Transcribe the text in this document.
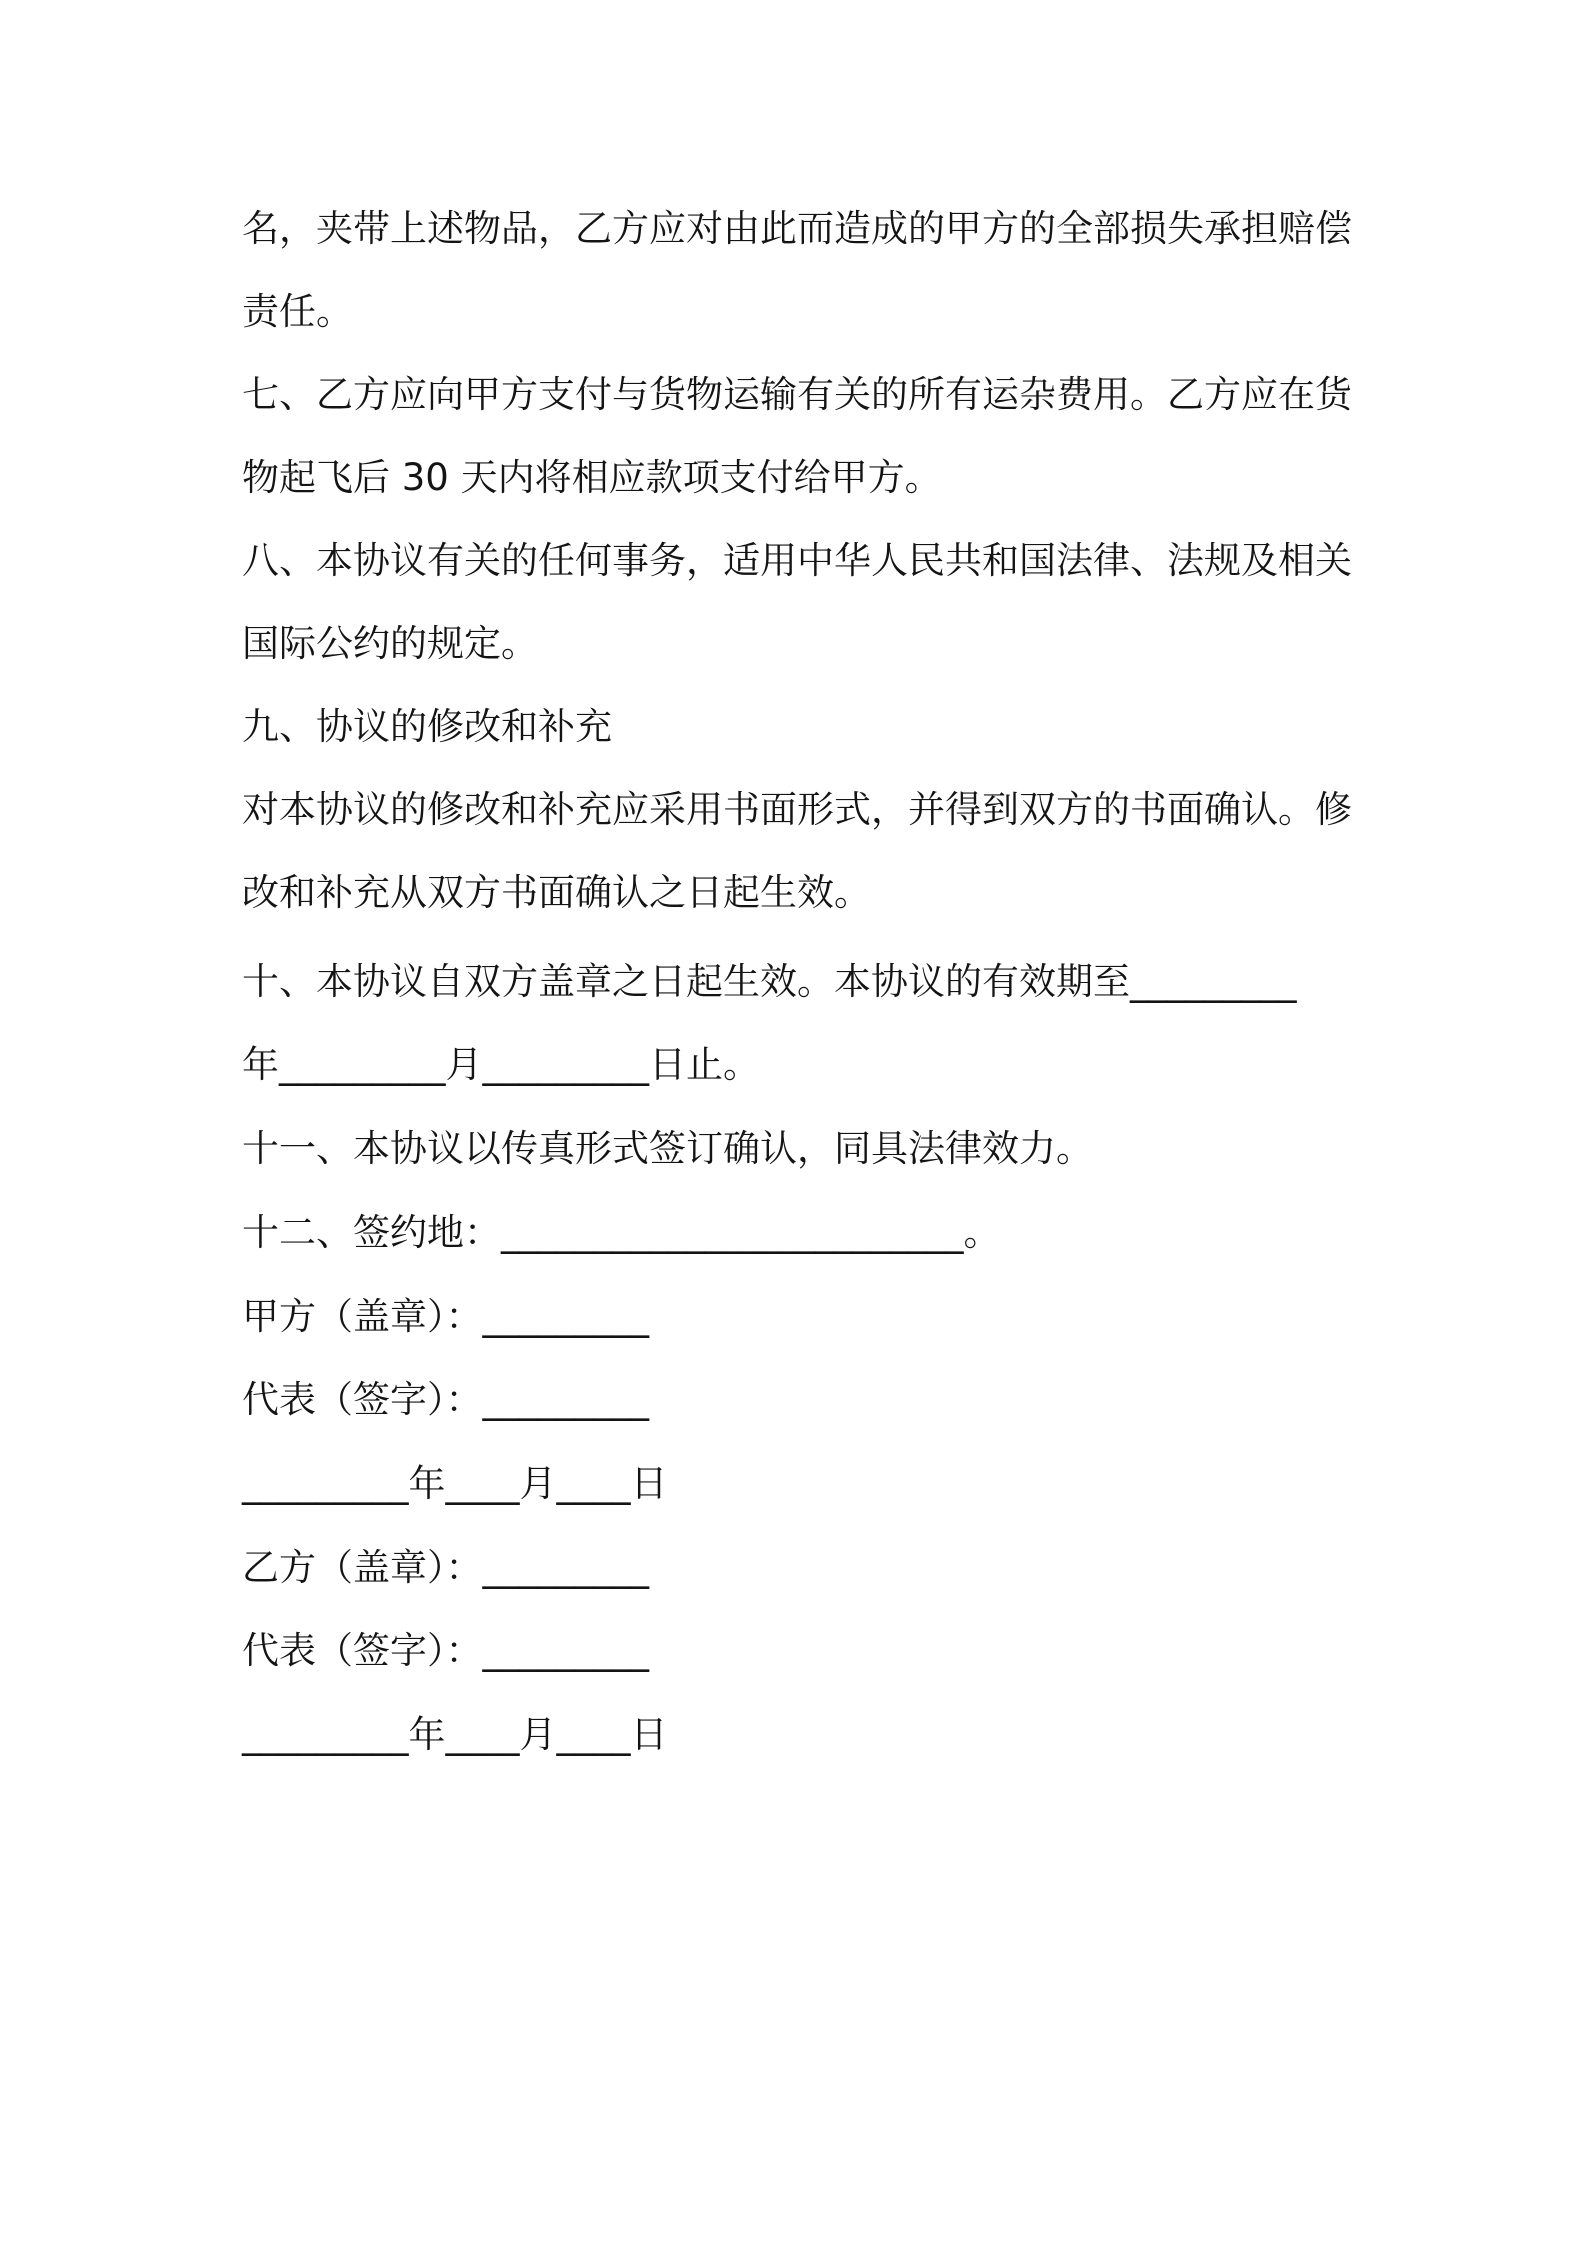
名，夹带上述物品，乙方应对由此而造成的甲方的全部损失承担赔偿
责任。
七、乙方应向甲方支付与货物运输有关的所有运杂费用。乙方应在货
物起飞后 30 天内将相应款项支付给甲方。
八、本协议有关的任何事务，适用中华人民共和国法律、法规及相关
国际公约的规定。
九、协议的修改和补充
对本协议的修改和补充应采用书面形式，并得到双方的书面确认。修
改和补充从双方书面确认之日起生效。
十、本协议自双方盖章之日起生效。本协议的有效期至_________
年_________月_________日止。
十一、本协议以传真形式签订确认，同具法律效力。
十二、签约地：_________________________。
甲方（盖章）：_________
代表（签字）：_________
_________年____月____日
乙方（盖章）：_________
代表（签字）：_________
_________年____月____日
